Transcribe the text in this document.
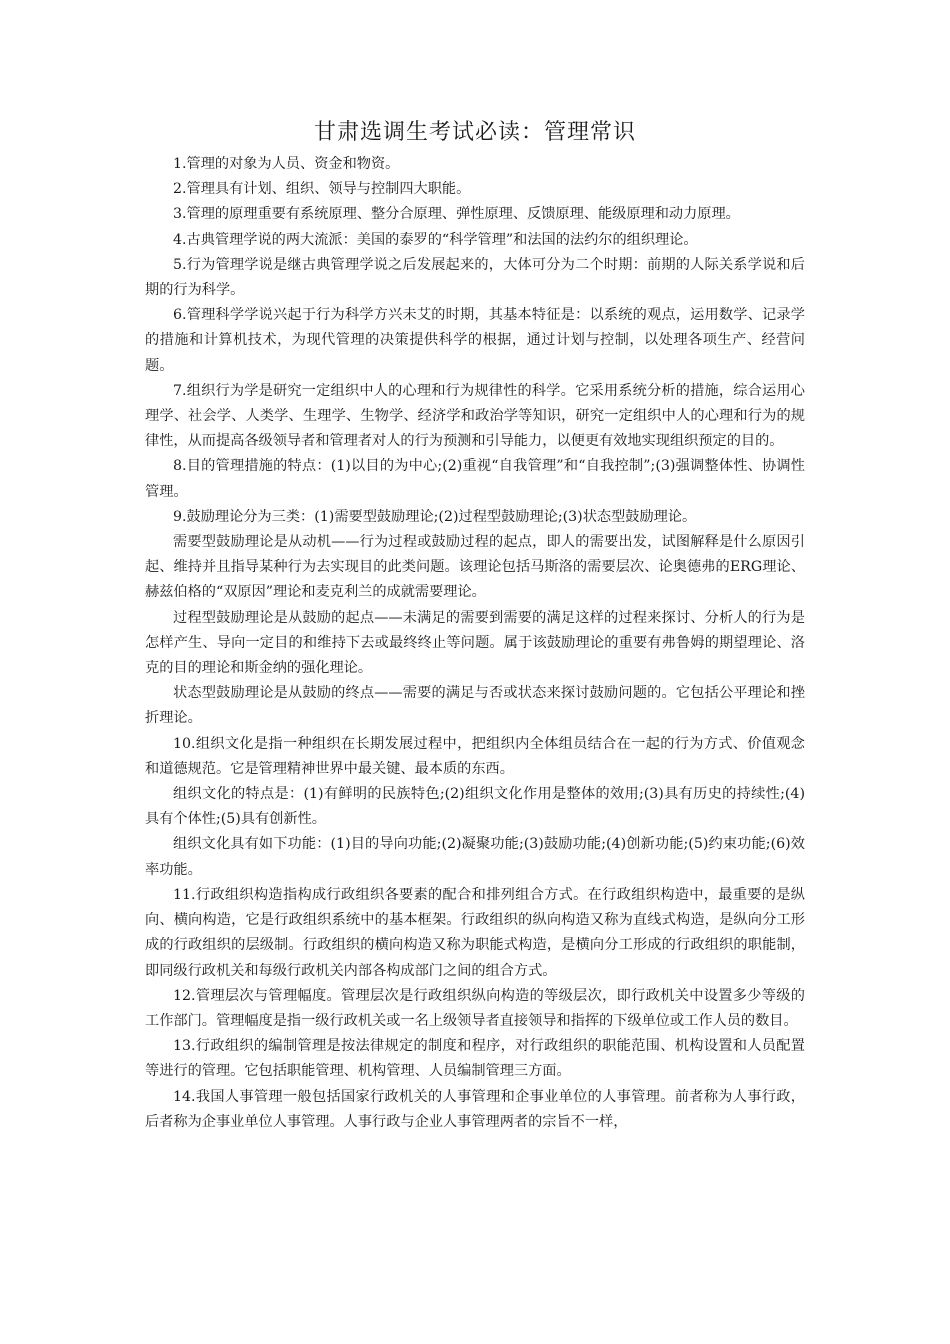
甘肃选调生考试必读：管理常识

1.管理的对象为人员、资金和物资。

2.管理具有计划、组织、领导与控制四大职能。

3.管理的原理重要有系统原理、整分合原理、弹性原理、反馈原理、能级原理和动力原理。

4.古典管理学说的两大流派：美国的泰罗的“科学管理”和法国的法约尔的组织理论。

5.行为管理学说是继古典管理学说之后发展起来的，大体可分为二个时期：前期的人际关系学说和后期的行为科学。

6.管理科学学说兴起于行为科学方兴未艾的时期，其基本特征是：以系统的观点，运用数学、记录学的措施和计算机技术，为现代管理的决策提供科学的根据，通过计划与控制，以处理各项生产、经营问题。

7.组织行为学是研究一定组织中人的心理和行为规律性的科学。它采用系统分析的措施，综合运用心理学、社会学、人类学、生理学、生物学、经济学和政治学等知识，研究一定组织中人的心理和行为的规律性，从而提高各级领导者和管理者对人的行为预测和引导能力，以便更有效地实现组织预定的目的。

8.目的管理措施的特点：(1)以目的为中心;(2)重视“自我管理”和“自我控制”;(3)强调整体性、协调性管理。

9.鼓励理论分为三类：(1)需要型鼓励理论;(2)过程型鼓励理论;(3)状态型鼓励理论。

需要型鼓励理论是从动机——行为过程或鼓励过程的起点，即人的需要出发，试图解释是什么原因引起、维持并且指导某种行为去实现目的此类问题。该理论包括马斯洛的需要层次、论奥德弗的ERG理论、赫兹伯格的“双原因”理论和麦克利兰的成就需要理论。

过程型鼓励理论是从鼓励的起点——未满足的需要到需要的满足这样的过程来探讨、分析人的行为是怎样产生、导向一定目的和维持下去或最终终止等问题。属于该鼓励理论的重要有弗鲁姆的期望理论、洛克的目的理论和斯金纳的强化理论。

状态型鼓励理论是从鼓励的终点——需要的满足与否或状态来探讨鼓励问题的。它包括公平理论和挫折理论。

10.组织文化是指一种组织在长期发展过程中，把组织内全体组员结合在一起的行为方式、价值观念和道德规范。它是管理精神世界中最关键、最本质的东西。

组织文化的特点是：(1)有鲜明的民族特色;(2)组织文化作用是整体的效用;(3)具有历史的持续性;(4)具有个体性;(5)具有创新性。

组织文化具有如下功能：(1)目的导向功能;(2)凝聚功能;(3)鼓励功能;(4)创新功能;(5)约束功能;(6)效率功能。

11.行政组织构造指构成行政组织各要素的配合和排列组合方式。在行政组织构造中，最重要的是纵向、横向构造，它是行政组织系统中的基本框架。行政组织的纵向构造又称为直线式构造，是纵向分工形成的行政组织的层级制。行政组织的横向构造又称为职能式构造，是横向分工形成的行政组织的职能制，即同级行政机关和每级行政机关内部各构成部门之间的组合方式。

12.管理层次与管理幅度。管理层次是行政组织纵向构造的等级层次，即行政机关中设置多少等级的工作部门。管理幅度是指一级行政机关或一名上级领导者直接领导和指挥的下级单位或工作人员的数目。

13.行政组织的编制管理是按法律规定的制度和程序，对行政组织的职能范围、机构设置和人员配置等进行的管理。它包括职能管理、机构管理、人员编制管理三方面。

14.我国人事管理一般包括国家行政机关的人事管理和企事业单位的人事管理。前者称为人事行政，后者称为企事业单位人事管理。人事行政与企业人事管理两者的宗旨不一样，
